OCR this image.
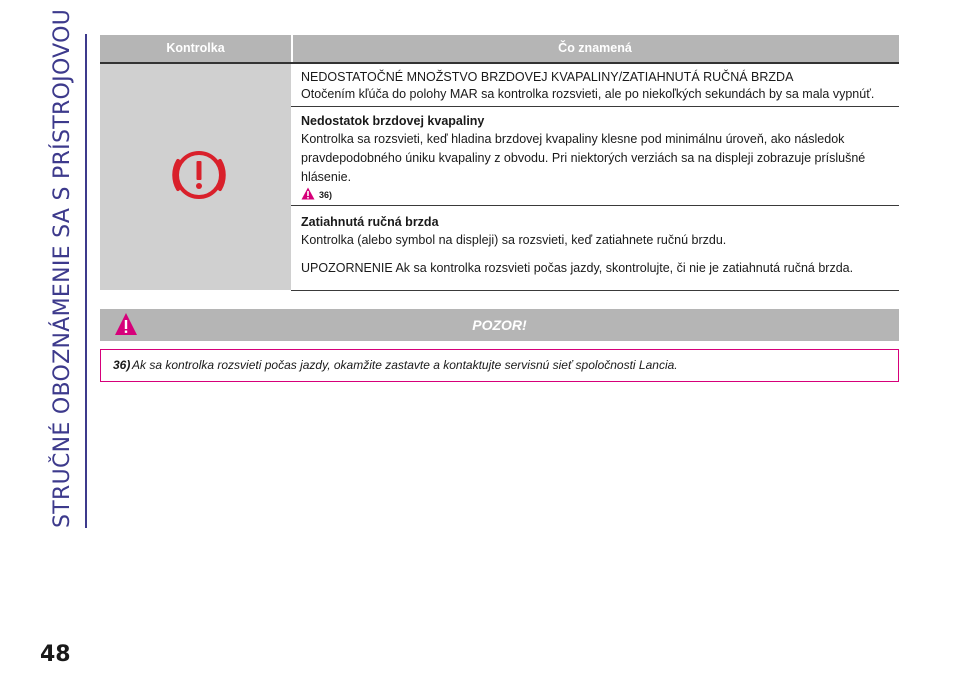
STRUČNÉ OBOZNÁMENIE SA S PRÍSTROJOVOU	Kontrolka	Čo znamená
NEDOSTATOČNÉ MNOŽSTVO BRZDOVEJ KVAPALINY/ZATIAHNUTÁ RUČNÁ BRZDA
Otočením kľúča do polohy MAR sa kontrolka rozsvieti, ale po niekoľkých sekundách by sa mala vypnúť.
Nedostatok brzdovej kvapaliny
Kontrolka sa rozsvieti, keď hladina brzdovej kvapaliny klesne pod minimálnu úroveň, ako následok
pravdepodobného úniku kvapaliny z obvodu. Pri niektorých verziách sa na displeji zobrazuje príslušné
hlásenie.
36)
Zatiahnutá ručná brzda
Kontrolka (alebo symbol na displeji) sa rozsvieti, keď zatiahnete ručnú brzdu.
UPOZORNENIE Ak sa kontrolka rozsvieti počas jazdy, skontrolujte, či nie je zatiahnutá ručná brzda.
POZOR!
36) Ak sa kontrolka rozsvieti počas jazdy, okamžite zastavte a kontaktujte servisnú sieť spoločnosti Lancia.
48
